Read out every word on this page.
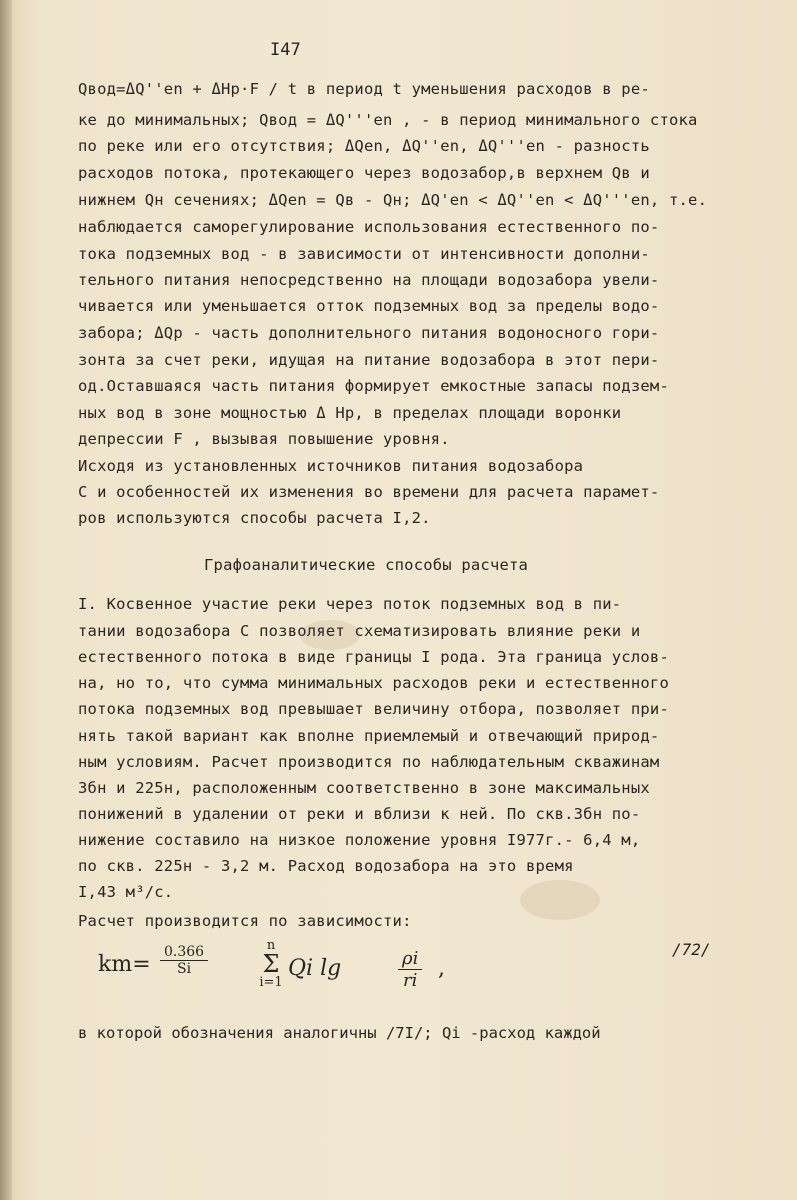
I47
Qвод=ΔQ''en + ΔHр·F / t в период t уменьшения расходов в ре-
ке до минимальных; Qвод = ΔQ'''en , - в период минимального стока
по реке или его отсутствия; ΔQen, ΔQ''en, ΔQ'''en - разность
расходов потока, протекающего через водозабор,в верхнем Qв и
нижнем Qн сечениях; ΔQen = Qв - Qн; ΔQ'en < ΔQ''en < ΔQ'''en, т.е.
наблюдается саморегулирование использования естественного по-
тока подземных вод - в зависимости от интенсивности дополни-
тельного питания непосредственно на площади водозабора увели-
чивается или уменьшается отток подземных вод за пределы водо-
забора; ΔQр - часть дополнительного питания водоносного гори-
зонта за счет реки, идущая на питание водозабора в этот пери-
од.Оставшаяся часть питания формирует емкостные запасы подзем-
ных вод в зоне мощностью Δ Hр, в пределах площади воронки
депрессии F , вызывая повышение уровня.
Исходя из установленных источников питания водозабора
С и особенностей их изменения во времени для расчета парамет-
ров используются способы расчета I,2.
Графоаналитические способы расчета
I. Косвенное участие реки через поток подземных вод в пи-
тании водозабора С позволяет схематизировать влияние реки и
естественного потока в виде границы I рода. Эта граница услов-
на, но то, что сумма минимальных расходов реки и естественного
потока подземных вод превышает величину отбора, позволяет при-
нять такой вариант как вполне приемлемый и отвечающий природ-
ным условиям. Расчет производится по наблюдательным скважинам
3бн и 225н, расположенным соответственно в зоне максимальных
понижений в удалении от реки и вблизи к ней. По скв.3бн по-
нижение составило на низкое положение уровня I977г.- 6,4 м,
по скв. 225н - 3,2 м. Расход водозабора на это время
I,43 м³/с.
Расчет производится по зависимости:
$km= \frac{0.366}{Si}$	n
Σ
i=1
Qi lg	$\frac{\rho i}{ri}$ ,
/72/
в которой обозначения аналогичны /7I/; Qi -расход каждой
